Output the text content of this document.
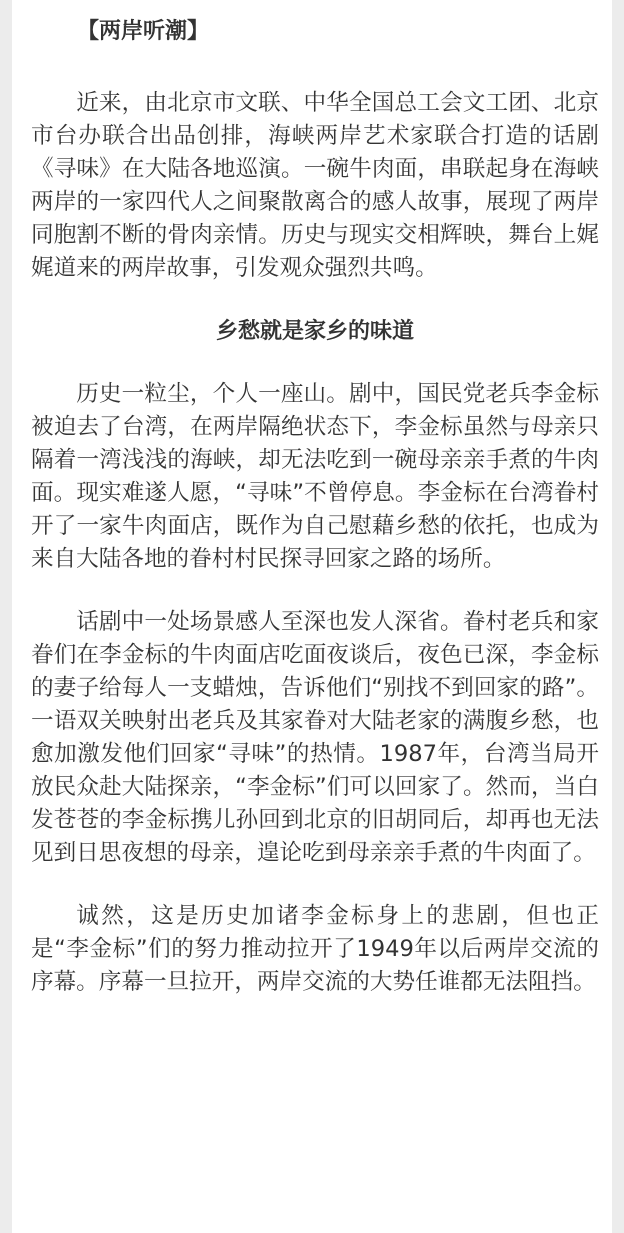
【两岸听潮】

近来，由北京市文联、中华全国总工会文工团、北京市台办联合出品创排，海峡两岸艺术家联合打造的话剧《寻味》在大陆各地巡演。一碗牛肉面，串联起身在海峡两岸的一家四代人之间聚散离合的感人故事，展现了两岸同胞割不断的骨肉亲情。历史与现实交相辉映，舞台上娓娓道来的两岸故事，引发观众强烈共鸣。

乡愁就是家乡的味道

历史一粒尘，个人一座山。剧中，国民党老兵李金标被迫去了台湾，在两岸隔绝状态下，李金标虽然与母亲只隔着一湾浅浅的海峡，却无法吃到一碗母亲亲手煮的牛肉面。现实难遂人愿，“寻味”不曾停息。李金标在台湾眷村开了一家牛肉面店，既作为自己慰藉乡愁的依托，也成为来自大陆各地的眷村村民探寻回家之路的场所。

话剧中一处场景感人至深也发人深省。眷村老兵和家眷们在李金标的牛肉面店吃面夜谈后，夜色已深，李金标的妻子给每人一支蜡烛，告诉他们“别找不到回家的路”。一语双关映射出老兵及其家眷对大陆老家的满腹乡愁，也愈加激发他们回家“寻味”的热情。1987年，台湾当局开放民众赴大陆探亲，“李金标”们可以回家了。然而，当白发苍苍的李金标携儿孙回到北京的旧胡同后，却再也无法见到日思夜想的母亲，遑论吃到母亲亲手煮的牛肉面了。

诚然，这是历史加诸李金标身上的悲剧，但也正是“李金标”们的努力推动拉开了1949年以后两岸交流的序幕。序幕一旦拉开，两岸交流的大势任谁都无法阻挡。
